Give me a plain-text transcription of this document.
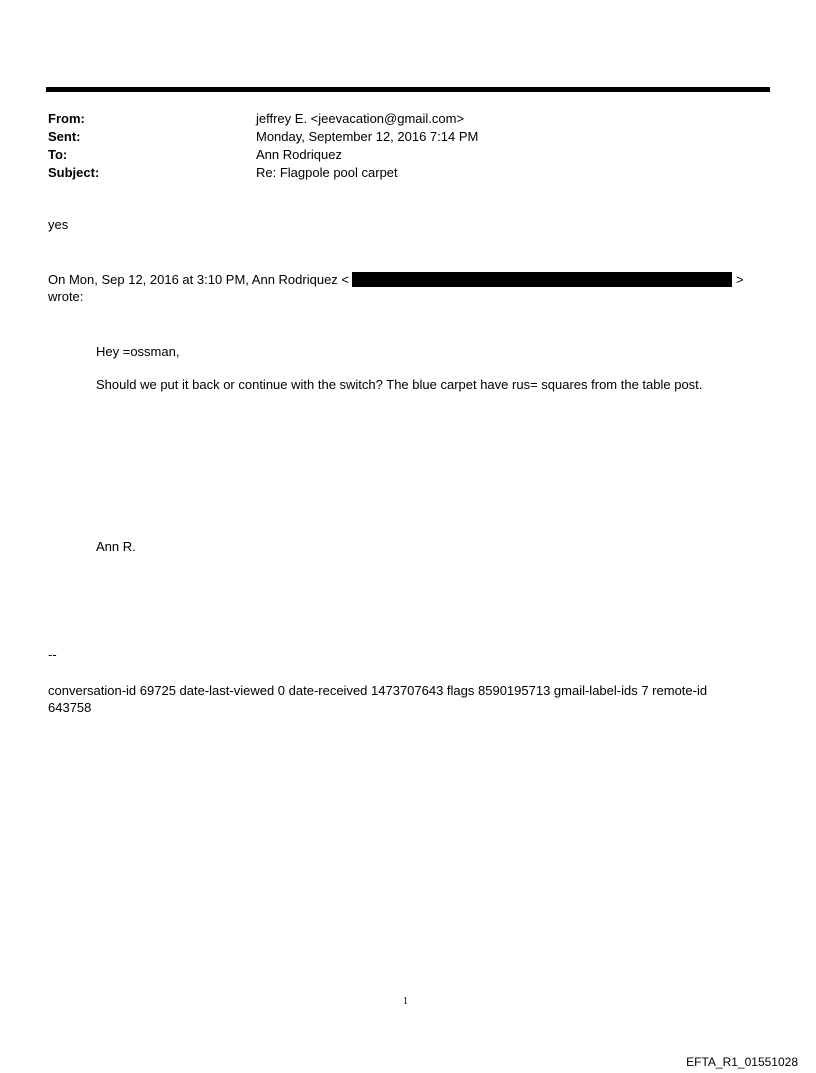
From:	jeffrey E. <jeevacation@gmail.com>
Sent:	Monday, September 12, 2016 7:14 PM
To:	Ann Rodriquez
Subject:	Re: Flagpole pool carpet
yes
On Mon, Sep 12, 2016 at 3:10 PM, Ann Rodriquez <	>
wrote:
Hey =ossman,
Should we put it back or continue with the switch? The blue carpet have rus= squares from the table post.
Ann R.
--
conversation-id 69725 date-last-viewed 0 date-received 1473707643 flags 8590195713 gmail-label-ids 7 remote-id
643758
1
EFTA_R1_01551028
